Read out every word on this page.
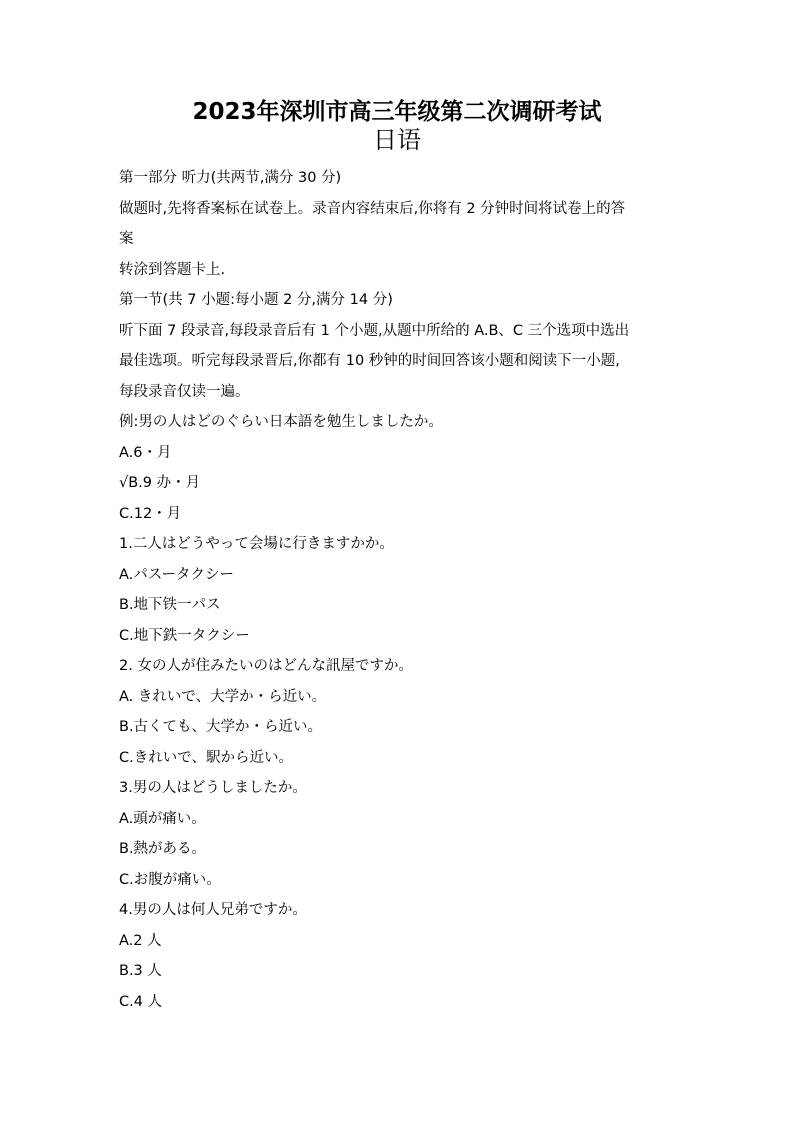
2023年深圳市高三年级第二次调研考试
日语
第一部分 听力(共两节,满分 30 分)
做题时,先将香案标在试卷上。录音内容结束后,你将有 2 分钟时间将试卷上的答
案
转涂到答题卡上.
第一节(共 7 小题:每小题 2 分,满分 14 分)
听下面 7 段录音,每段录音后有 1 个小题,从题中所给的 A.B、C 三个选项中选出
最佳选项。听完每段录晋后,你都有 10 秒钟的时间回答该小题和阅读下一小题,
每段录音仅读一遍。
例:男の人はどのぐらい日本語を勉生しましたか。
A.6・月
√B.9 办・月
C.12・月
1.二人はどうやって会場に行きますかか。
A.パスータクシー
B.地下铁一パス
C.地下鉄一タクシー
2. 女の人が住みたいのはどんな訊屋ですか。
A. きれいで、大学か・ら近い。
B.古くても、大学か・ら近い。
C.きれいで、駅から近い。
3.男の人はどうしましたか。
A.頭が痛い。
B.熱がある。
C.お腹が痛い。
4.男の人は何人兄弟ですか。
A.2 人
B.3 人
C.4 人
